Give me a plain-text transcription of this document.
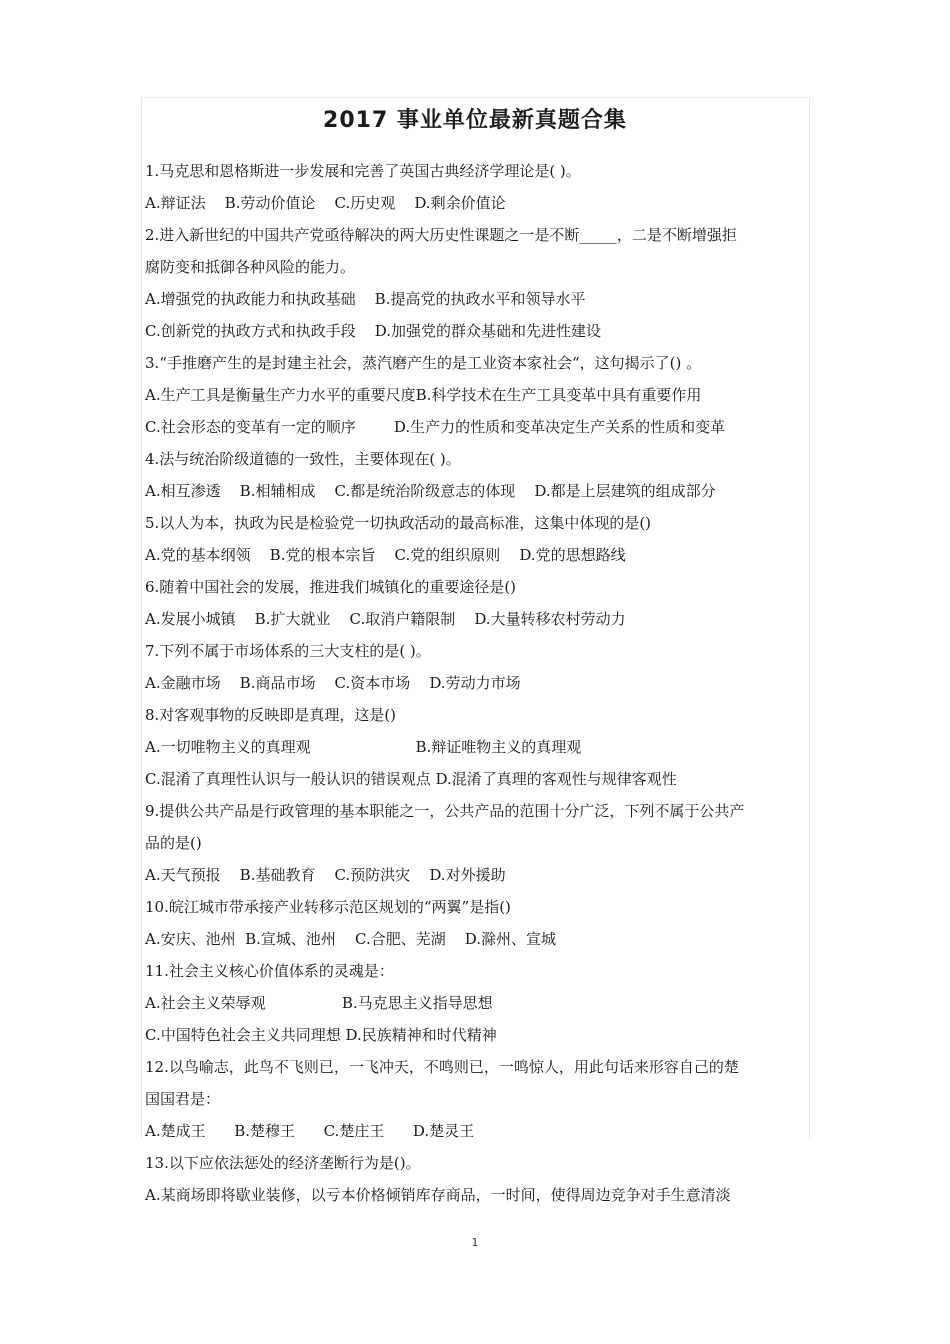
2017 事业单位最新真题合集
1.马克思和恩格斯进一步发展和完善了英国古典经济学理论是( )。
A.辩证法    B.劳动价值论    C.历史观    D.剩余价值论
2.进入新世纪的中国共产党亟待解决的两大历史性课题之一是不断_____，二是不断增强拒
腐防变和抵御各种风险的能力。
A.增强党的执政能力和执政基础    B.提高党的执政水平和领导水平
C.创新党的执政方式和执政手段    D.加强党的群众基础和先进性建设
3.“手推磨产生的是封建主社会，蒸汽磨产生的是工业资本家社会“，这句揭示了() 。
A.生产工具是衡量生产力水平的重要尺度B.科学技术在生产工具变革中具有重要作用
C.社会形态的变革有一定的顺序        D.生产力的性质和变革决定生产关系的性质和变革
4.法与统治阶级道德的一致性，主要体现在( )。
A.相互渗透    B.相辅相成    C.都是统治阶级意志的体现    D.都是上层建筑的组成部分
5.以人为本，执政为民是检验党一切执政活动的最高标准，这集中体现的是()
A.党的基本纲领    B.党的根本宗旨    C.党的组织原则    D.党的思想路线
6.随着中国社会的发展，推进我们城镇化的重要途径是()
A.发展小城镇    B.扩大就业    C.取消户籍限制    D.大量转移农村劳动力
7.下列不属于市场体系的三大支柱的是( )。
A.金融市场    B.商品市场    C.资本市场    D.劳动力市场
8.对客观事物的反映即是真理，这是()
A.一切唯物主义的真理观                      B.辩证唯物主义的真理观
C.混淆了真理性认识与一般认识的错误观点 D.混淆了真理的客观性与规律客观性
9.提供公共产品是行政管理的基本职能之一，公共产品的范围十分广泛，下列不属于公共产
品的是()
A.天气预报    B.基础教育    C.预防洪灾    D.对外援助
10.皖江城市带承接产业转移示范区规划的“两翼”是指()
A.安庆、池州  B.宣城、池州    C.合肥、芜湖    D.滁州、宣城
11.社会主义核心价值体系的灵魂是：
A.社会主义荣辱观                B.马克思主义指导思想
C.中国特色社会主义共同理想 D.民族精神和时代精神
12.以鸟喻志，此鸟不飞则已，一飞冲天，不鸣则已，一鸣惊人，用此句话来形容自己的楚
国国君是：
A.楚成王      B.楚穆王      C.楚庄王      D.楚灵王
13.以下应依法惩处的经济垄断行为是()。
A.某商场即将歇业装修，以亏本价格倾销库存商品，一时间，使得周边竞争对手生意清淡
1
